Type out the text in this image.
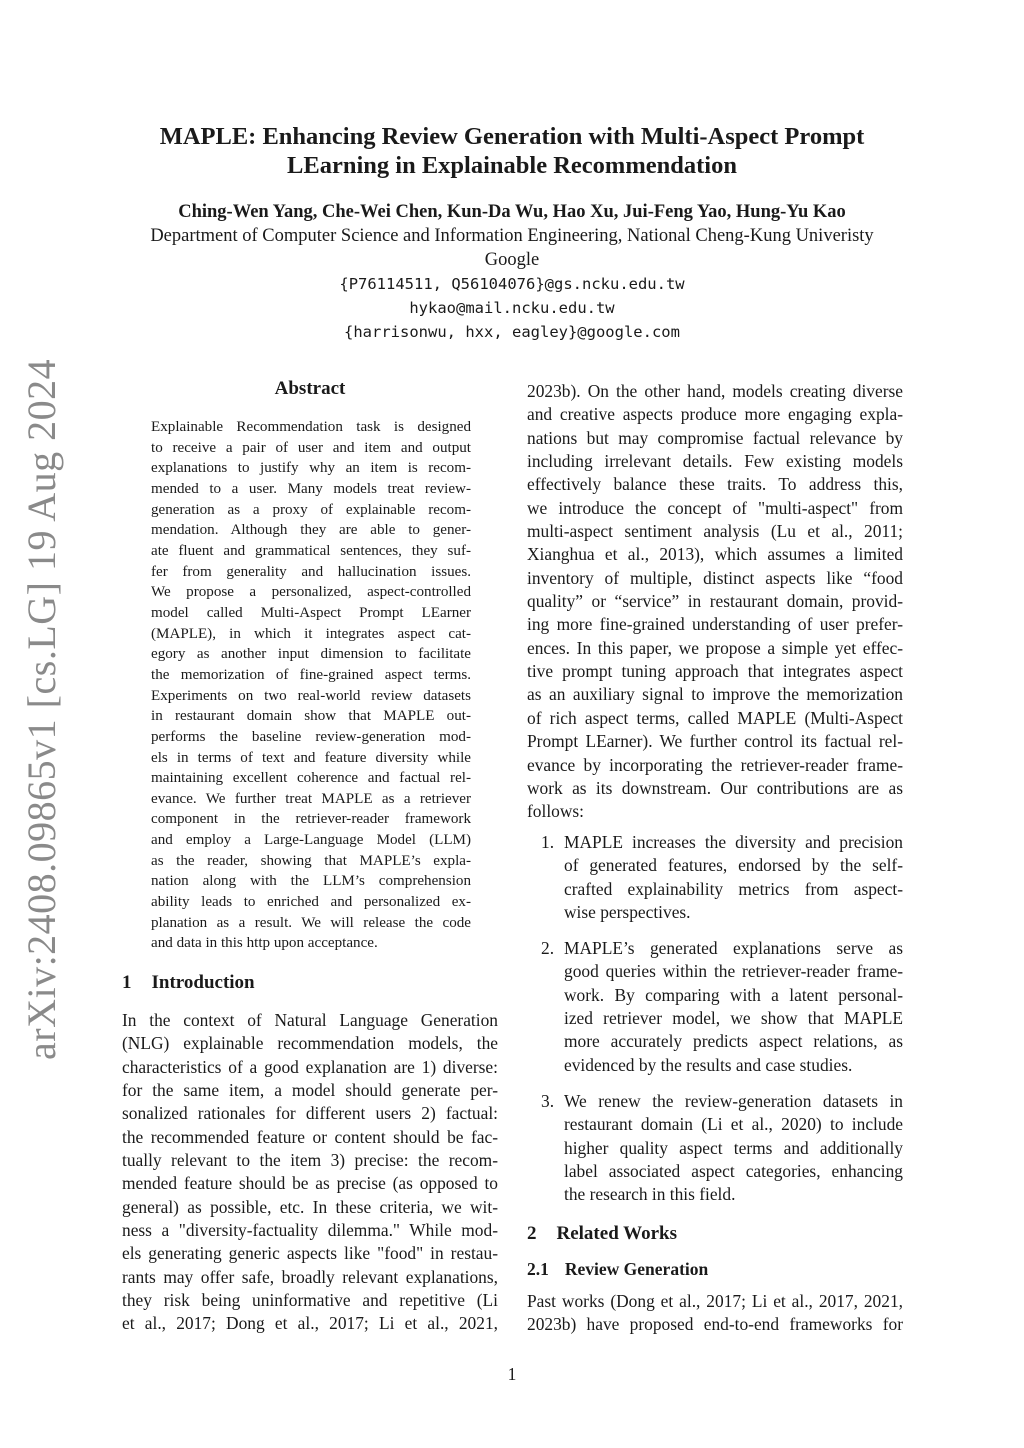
arXiv:2408.09865v1 [cs.LG] 19 Aug 2024
MAPLE: Enhancing Review Generation with Multi-Aspect Prompt
LEarning in Explainable Recommendation
Ching-Wen Yang, Che-Wei Chen, Kun-Da Wu, Hao Xu, Jui-Feng Yao, Hung-Yu Kao
Department of Computer Science and Information Engineering, National Cheng-Kung Univeristy
Google
{P76114511, Q56104076}@gs.ncku.edu.tw
hykao@mail.ncku.edu.tw
{harrisonwu, hxx, eagley}@google.com
Abstract
Explainable Recommendation task is designed
to receive a pair of user and item and output
explanations to justify why an item is recom-
mended to a user. Many models treat review-
generation as a proxy of explainable recom-
mendation. Although they are able to gener-
ate fluent and grammatical sentences, they suf-
fer from generality and hallucination issues.
We propose a personalized, aspect-controlled
model called Multi-Aspect Prompt LEarner
(MAPLE), in which it integrates aspect cat-
egory as another input dimension to facilitate
the memorization of fine-grained aspect terms.
Experiments on two real-world review datasets
in restaurant domain show that MAPLE out-
performs the baseline review-generation mod-
els in terms of text and feature diversity while
maintaining excellent coherence and factual rel-
evance. We further treat MAPLE as a retriever
component in the retriever-reader framework
and employ a Large-Language Model (LLM)
as the reader, showing that MAPLE’s expla-
nation along with the LLM’s comprehension
ability leads to enriched and personalized ex-
planation as a result. We will release the code
and data in this http upon acceptance.
1 Introduction
In the context of Natural Language Generation
(NLG) explainable recommendation models, the
characteristics of a good explanation are 1) diverse:
for the same item, a model should generate per-
sonalized rationales for different users 2) factual:
the recommended feature or content should be fac-
tually relevant to the item 3) precise: the recom-
mended feature should be as precise (as opposed to
general) as possible, etc. In these criteria, we wit-
ness a "diversity-factuality dilemma." While mod-
els generating generic aspects like "food" in restau-
rants may offer safe, broadly relevant explanations,
they risk being uninformative and repetitive (Li
et al., 2017; Dong et al., 2017; Li et al., 2021,
2023b). On the other hand, models creating diverse
and creative aspects produce more engaging expla-
nations but may compromise factual relevance by
including irrelevant details. Few existing models
effectively balance these traits. To address this,
we introduce the concept of "multi-aspect" from
multi-aspect sentiment analysis (Lu et al., 2011;
Xianghua et al., 2013), which assumes a limited
inventory of multiple, distinct aspects like “food
quality” or “service” in restaurant domain, provid-
ing more fine-grained understanding of user prefer-
ences. In this paper, we propose a simple yet effec-
tive prompt tuning approach that integrates aspect
as an auxiliary signal to improve the memorization
of rich aspect terms, called MAPLE (Multi-Aspect
Prompt LEarner). We further control its factual rel-
evance by incorporating the retriever-reader frame-
work as its downstream. Our contributions are as
follows:
1. MAPLE increases the diversity and precision
of generated features, endorsed by the self-
crafted explainability metrics from aspect-
wise perspectives.
2. MAPLE’s generated explanations serve as
good queries within the retriever-reader frame-
work. By comparing with a latent personal-
ized retriever model, we show that MAPLE
more accurately predicts aspect relations, as
evidenced by the results and case studies.
3. We renew the review-generation datasets in
restaurant domain (Li et al., 2020) to include
higher quality aspect terms and additionally
label associated aspect categories, enhancing
the research in this field.
2 Related Works
2.1 Review Generation
Past works (Dong et al., 2017; Li et al., 2017, 2021,
2023b) have proposed end-to-end frameworks for
1
